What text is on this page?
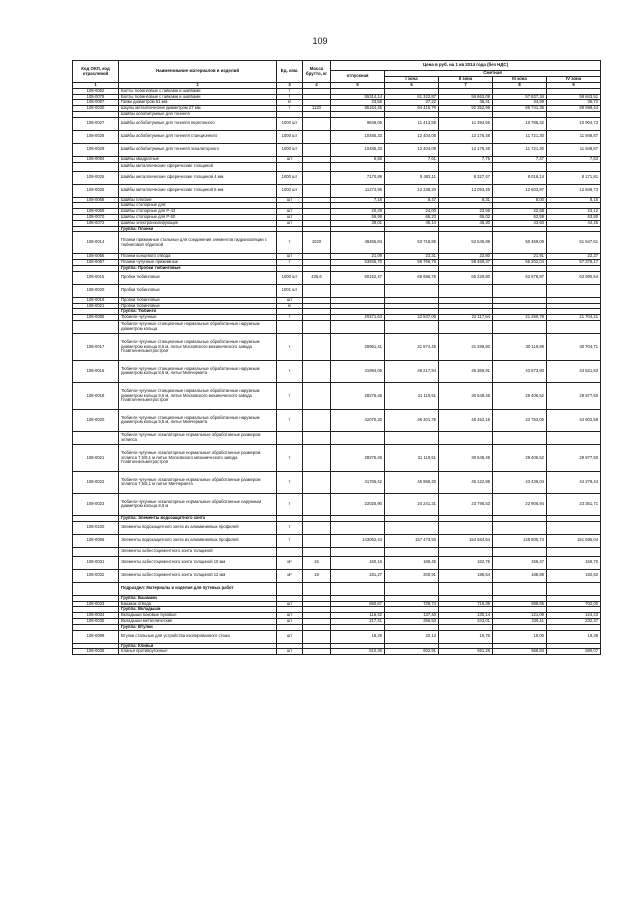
109
Код ОКП, код отраслевой	Наименование материалов и изделий	Ед. изм.	Масса брутто, кг	Цена в руб. на 1 кв 2014 года (без НДС)				
				отпускная	Сметная			
					I зона	II зона	III зона	IV зона
1	2	3	4	5	6	7	8	9
108-0062	Болты тюбинговые с гайками и шайбами	т						
108-0078	Болты тюбинговые с гайками и шайбами	т		55314,14	61 322,87	59 863,09	57 837,34	58 843,51
108-0087	Гайки диаметром 51 мм	кг		33,58	37,22	36,41	34,99	35,72
108-0030	Шкулы металлические диаметром 27 мм	т	1120	85164,45	94 415,79	92 352,99	86 741,36	89 598,44
	Шайбы асбобитумные для тоннеля							
108-0027	Шайбы асбобитумные для тоннеля перегонного	1000 шт		9646,05	11 413,59	11 394,55	10 785,32	10 904,73
108-0028	Шайбы асбобитумные для тоннеля станционного	1000 шт		10485,33	12 404,08	12 176,48	11 721,30	11 948,87
108-0029	Шайбы асбобитумные для тоннеля эскалаторного	1000 шт		10485,33	12 404,08	12 176,48	11 721,30	11 948,87
108-0094	Шайбы квадратные	шт		6,58	7,61	7,75	7,47	7,63
	Шайбы металлические сферические толщиной							
108-0025	Шайбы металлические сферические толщиной 4 мм	1000 шт		7170,89	8 483,11	8 327,47	8 016,14	8 171,81
108-0026	Шайбы металлические сферические толщиной 6 мм	1000 шт		11274,95	13 338,20	13 093,45	12 603,97	12 848,73
108-0068	Шайбы плоские	шт		7,18	8,47	8,31	8,00	8,15
	Шайбы стопорные для:							
108-0069	Шайбы стопорные для Р-43	шт		20,29	24,00	23,56	22,68	23,12
108-0070	Шайбы стопорные для Р-50	шт		55,99	66,23	65,02	62,59	63,80
108-0072	Шайбы электроизолирующие	шт		39,01	46,14	45,30	43,60	44,45
	Группа: Планки							
108-0014	Планки прижимные стальные для соединения элементов гидроизоляции с тюбинговой обделкой	т	1020	48455,84	53 718,85	52 545,89	50 469,09	51 547,61
108-0066	Планки концевого отвода	шт		21,09	23,31	22,80	21,91	22,37
108-0067	Планки чугунные прижимные	т		53936,70	59 766,79	58 469,37	56 202,04	57 378,17
	Группа: Пробки тюбинговые							
108-0015	Пробки тюбинговые	1000 шт	425,6	60152,47	66 686,78	65 229,80	62 678,87	63 990,54
108-0020	Пробки тюбинговые	1001 шт						
108-0019	Пробки тюбинговые	шт						
108-0021	Пробки тюбинговые	кг						
	Группа: Тюбинги							
108-0085	Тюбинги чугунные	т		20471,64	22 537,06	22 117,64	21 290,78	21 704,21
	Тюбинги чугунные станционные нормальные обработанные наружным диаметром кольца							
108-0017	Тюбинги чугунные станционные нормальные обработанные наружным диаметром кольца 8,5 м, литье Московского механического завода Главтоннельметростроя	т		28961,41	31 874,45	31 289,60	30 119,88	30 704,71
108-0016	Тюбинги чугунные станционные нормальные обработанные наружным диаметром кольца 8,5 м, литье Минчермета	т		41994,05	46 217,94	45 369,91	43 673,80	44 521,83
108-0018	Тюбинги чугунные станционные нормальные обработанные наружным диаметром кольца 9,5 м, литье Московского механического завода Главтоннельметростроя	т		28275,48	31 119,51	30 548,48	29 406,52	29 977,50
108-0020	Тюбинги чугунные станционные нормальные обработанные наружным диаметром кольца 9,5 м, литье Минчермета	т		42070,20	46 301,76	45 452,19	43 753,05	44 602,59
	Тюбинги чугунные эскалаторные нормальные обработанные размером эллипса							
108-0021	Тюбинги чугунные эскалаторные нормальные обработанные размером эллипса 7,5/8,1 м литье Московского механического завода Главтоннельметростроя	т		28275,48	31 119,51	30 548,48	29 406,52	29 977,50
108-0022	Тюбинги чугунные эскалаторные нормальные обработанные размером эллипса 7,5/8,1 м литье Минчермета	т		41765,42	45 966,20	45 122,88	43 436,04	44 279,44
108-0023	Тюбинги чугунные эскалаторные нормальные обработанные наружным диаметром кольца 8,5 м	т		22025,90	24 241,31	23 796,53	22 906,94	23 351,71
	Группа: Элементы водозащитного зонта							
108-0100	Элементы водозащитного зонта из алюминиевых профилей	т						
108-0056	Элементы водозащитного зонта из алюминиевых профилей	т		143062,44	157 473,93	154 584,64	148 805,74	151 695,04
	Элементы асбестоцементного зонта толщиной							
108-0031	Элементы асбестоцементного зонта толщиной 10 мм	м²	16	150,16	166,45	162,76	156,47	159,70
108-0032	Элементы асбестоцементного зонта толщиной 12 мм	м²	19	181,27	200,91	196,54	188,89	192,82
	Подраздел: Материалы и изделия для путевых работ							
	Группа: Башмаки							
108-0033	Башмак отвода	шт		650,67	728,74	715,39	688,65	702,00
	Группа: Вкладыши							
108-0034	Вкладыши боковые буковые	шт		116,42	137,40	130,14	121,09	124,43
108-0035	Вкладыши металлические	шт		217,41	256,53	243,01	226,11	232,37
	Группа: Втулки							
108-0099	Втулки стальные для устройства изолированного стыка	шт		18,29	20,13	19,76	19,00	19,38
	Группа: Клинья							
108-0036	Клинья противоугонные	шт		510,36	602,91	591,28	568,84	580,07
